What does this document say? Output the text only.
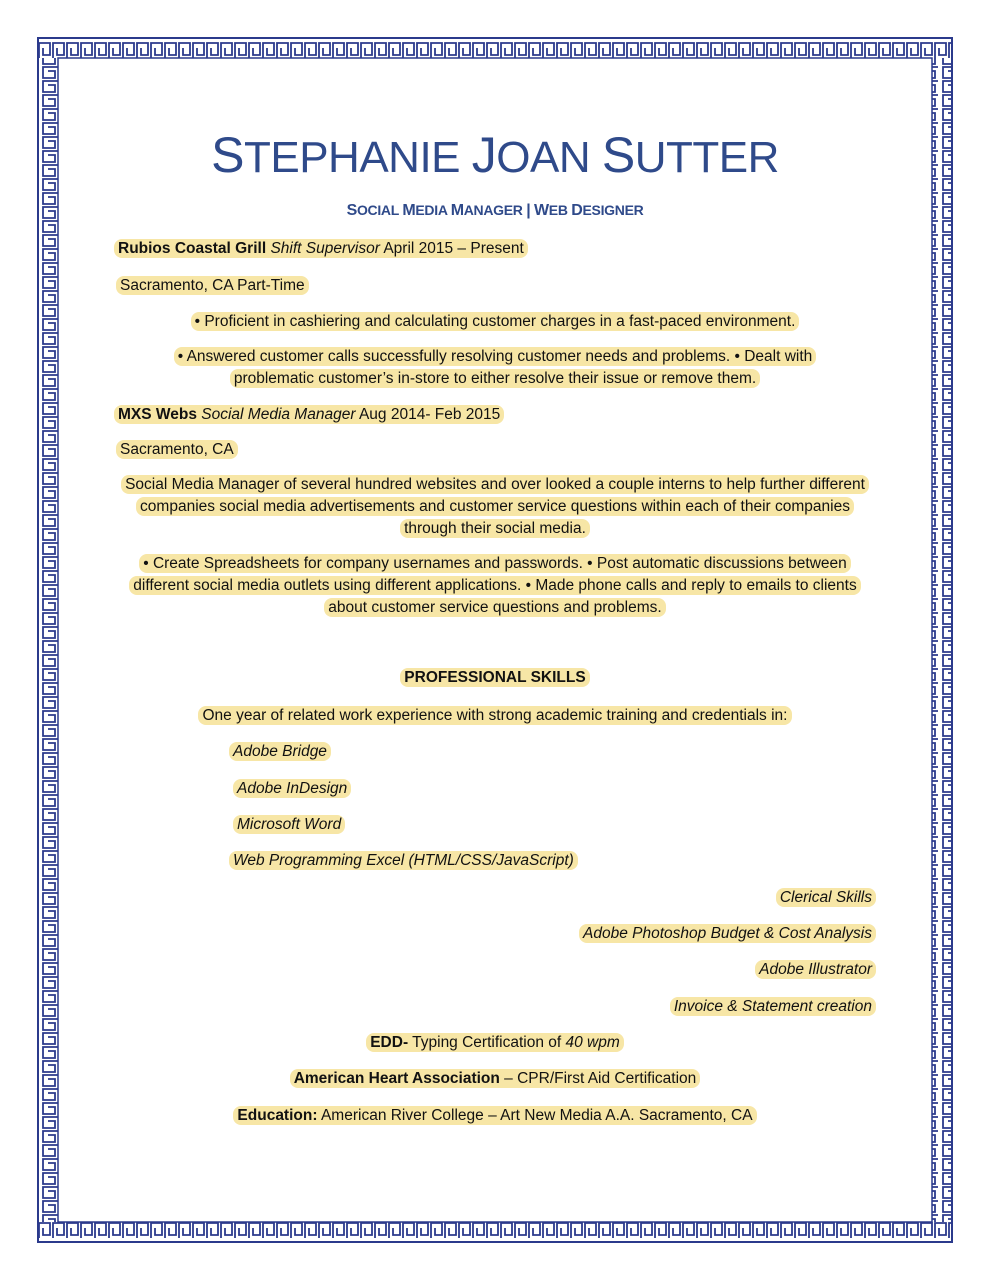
STEPHANIE JOAN SUTTER
SOCIAL MEDIA MANAGER | WEB DESIGNER
Rubios Coastal Grill Shift Supervisor April 2015 – Present
Sacramento, CA Part-Time
• Proficient in cashiering and calculating customer charges in a fast-paced environment.
• Answered customer calls successfully resolving customer needs and problems. • Dealt with problematic customer’s in-store to either resolve their issue or remove them.
MXS Webs Social Media Manager Aug 2014- Feb 2015
Sacramento, CA
Social Media Manager of several hundred websites and over looked a couple interns to help further different companies social media advertisements and customer service questions within each of their companies through their social media.
• Create Spreadsheets for company usernames and passwords. • Post automatic discussions between different social media outlets using different applications. • Made phone calls and reply to emails to clients about customer service questions and problems.
PROFESSIONAL SKILLS
One year of related work experience with strong academic training and credentials in:
Adobe Bridge
Adobe InDesign
Microsoft Word
Web Programming Excel (HTML/CSS/JavaScript)
Clerical Skills
Adobe Photoshop Budget & Cost Analysis
Adobe Illustrator
Invoice & Statement creation
EDD- Typing Certification of 40 wpm
American Heart Association – CPR/First Aid Certification
Education: American River College – Art New Media A.A. Sacramento, CA
